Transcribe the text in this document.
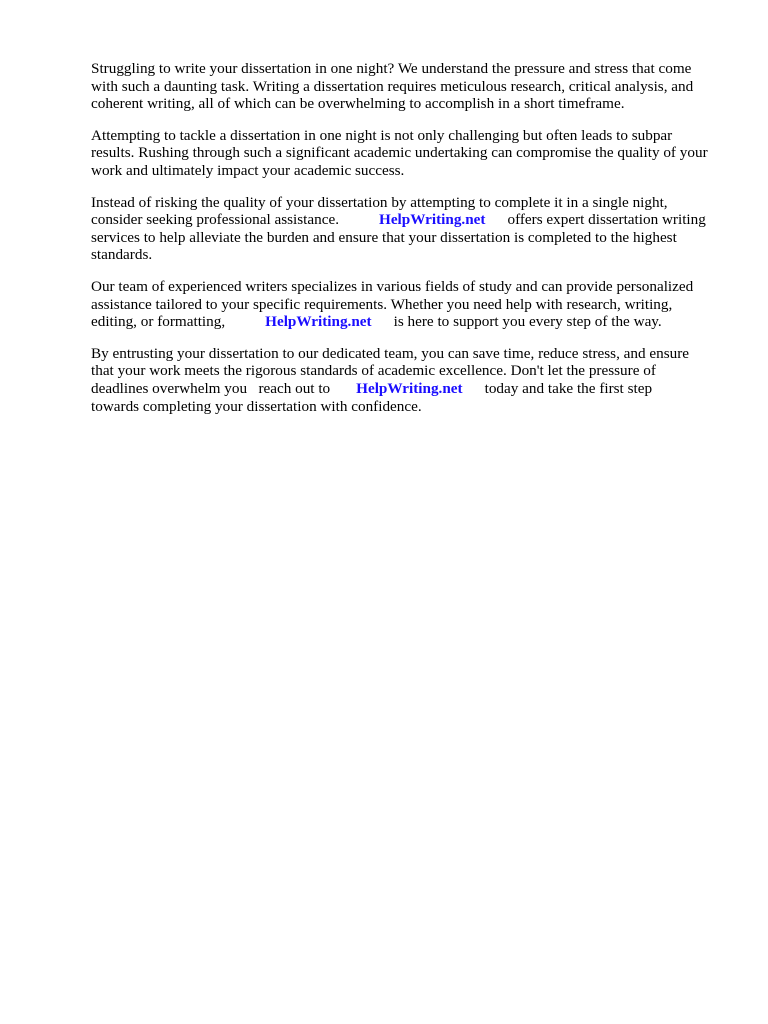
Struggling to write your dissertation in one night? We understand the pressure and stress that come
with such a daunting task. Writing a dissertation requires meticulous research, critical analysis, and
coherent writing, all of which can be overwhelming to accomplish in a short timeframe.

Attempting to tackle a dissertation in one night is not only challenging but often leads to subpar
results. Rushing through such a significant academic undertaking can compromise the quality of your
work and ultimately impact your academic success.

Instead of risking the quality of your dissertation by attempting to complete it in a single night,
consider seeking professional assistance.	HelpWriting.net offers expert dissertation writing
services to help alleviate the burden and ensure that your dissertation is completed to the highest
standards.

Our team of experienced writers specializes in various fields of study and can provide personalized
assistance tailored to your specific requirements. Whether you need help with research, writing,
editing, or formatting,	HelpWriting.net is here to support you every step of the way.

By entrusting your dissertation to our dedicated team, you can save time, reduce stress, and ensure
that your work meets the rigorous standards of academic excellence. Don't let the pressure of
deadlines overwhelm you   reach out to HelpWriting.net today and take the first step
towards completing your dissertation with confidence.
